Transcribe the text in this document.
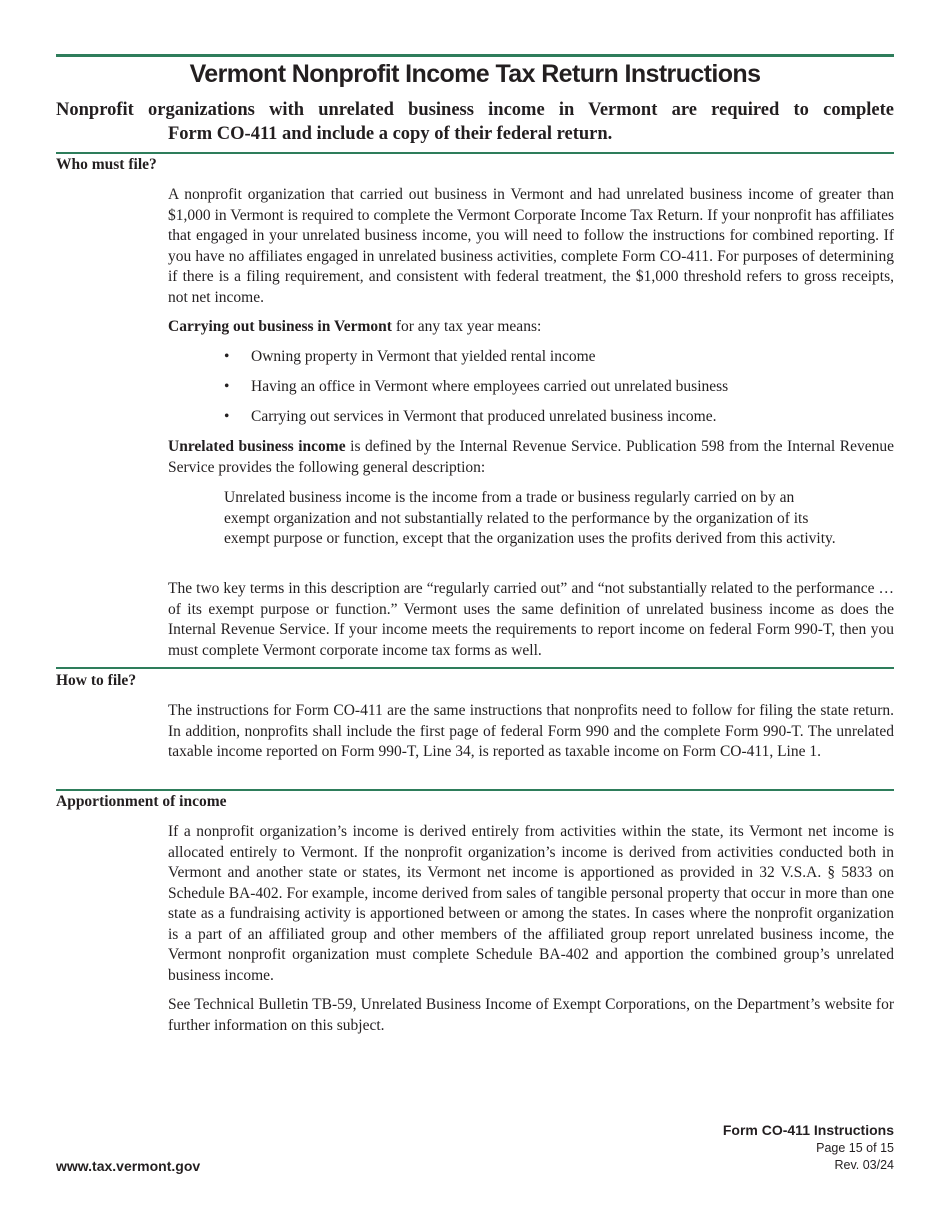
Vermont Nonprofit Income Tax Return Instructions
Nonprofit organizations with unrelated business income in Vermont are required to complete
Form CO-411 and include a copy of their federal return.
Who must file?
A nonprofit organization that carried out business in Vermont and had unrelated business income of greater than $1,000 in Vermont is required to complete the Vermont Corporate Income Tax Return. If your nonprofit has affiliates that engaged in your unrelated business income, you will need to follow the instructions for combined reporting. If you have no affiliates engaged in unrelated business activities, complete Form CO-411. For purposes of determining if there is a filing requirement, and consistent with federal treatment, the $1,000 threshold refers to gross receipts, not net income.
Carrying out business in Vermont for any tax year means:
• Owning property in Vermont that yielded rental income
• Having an office in Vermont where employees carried out unrelated business
• Carrying out services in Vermont that produced unrelated business income.
Unrelated business income is defined by the Internal Revenue Service. Publication 598 from the Internal Revenue Service provides the following general description:
Unrelated business income is the income from a trade or business regularly carried on by an exempt organization and not substantially related to the performance by the organization of its exempt purpose or function, except that the organization uses the profits derived from this activity.
The two key terms in this description are “regularly carried out” and “not substantially related to the performance … of its exempt purpose or function.” Vermont uses the same definition of unrelated business income as does the Internal Revenue Service. If your income meets the requirements to report income on federal Form 990-T, then you must complete Vermont corporate income tax forms as well.
How to file?
The instructions for Form CO-411 are the same instructions that nonprofits need to follow for filing the state return. In addition, nonprofits shall include the first page of federal Form 990 and the complete Form 990-T. The unrelated taxable income reported on Form 990-T, Line 34, is reported as taxable income on Form CO-411, Line 1.
Apportionment of income
If a nonprofit organization’s income is derived entirely from activities within the state, its Vermont net income is allocated entirely to Vermont. If the nonprofit organization’s income is derived from activities conducted both in Vermont and another state or states, its Vermont net income is apportioned as provided in 32 V.S.A. § 5833 on Schedule BA-402. For example, income derived from sales of tangible personal property that occur in more than one state as a fundraising activity is apportioned between or among the states. In cases where the nonprofit organization is a part of an affiliated group and other members of the affiliated group report unrelated business income, the Vermont nonprofit organization must complete Schedule BA-402 and apportion the combined group’s unrelated business income.
See Technical Bulletin TB-59, Unrelated Business Income of Exempt Corporations, on the Department’s website for further information on this subject.
www.tax.vermont.gov
Form CO-411 Instructions
Page 15 of 15
Rev. 03/24
